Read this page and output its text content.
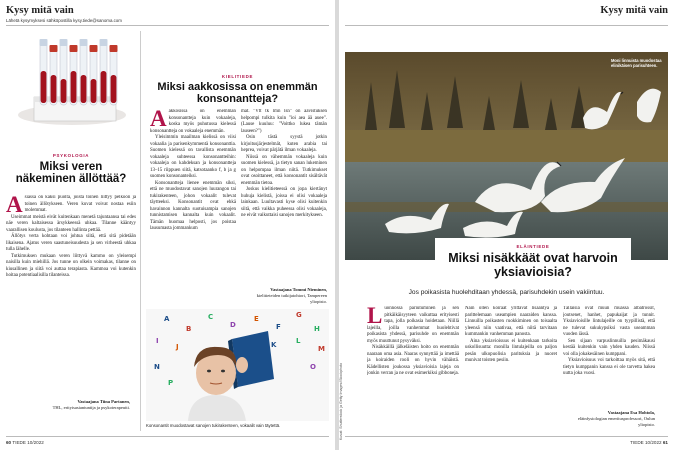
Kysy mitä vain
Lähetä kysymyksesi sähköpostilla kysy.tiede@sanoma.com
PSYKOLOGIA
Miksi veren näkeminen ällöttää?
A siassa on kaksi puolta, joista toinen liittyy pelkoon ja toinen ällötykseen. Veren kuvat voivat nostaa esiin molemmat.

Useimmat meistä eivät kuitenkaan menetä tajuntaansa tai edes näe veren kaltaisessa ärsykkeessä uhkaa. Tilanne kääntyy vaarallisen koulusta, jos tilanteen hallinta pettää.

Ällötys verta kohtaan voi johtua siitä, että sitä pidetään likaisena. Ajatus veren saastuneisuudesta ja sen virheestä uhkaa tulla lähelle.

Tutkimuksen mukaan veren liittyvä kammo on yleisempi naisilla kuin miehillä. Jos tunne on olkein voimakas, tilanne on kiusallinen ja siitä voi auttaa terapiasta. Kammoa voi kutenkin hoitaa potentiaalisilla tilanteissa.

Vastaajana Tiina Partanen,
THL, erityisasiantuntija ja psykoterapeutti.
KIELITIEDE
Miksi aakkosissa on enemmän konsonantteja?
A akkosissa on enemmän konsonantteja kuin vokaaleja, koska myös puhutussa kielessä konsonantteja on vokaaleja enemmän.

Yleisimmin maailman kielissä on viisi vokaalia ja parisenkymmentä konsonanttia. Suomen kielessä on tavallista enemmän vokaaleja suhteessa konsonantteihin: vokaaleja on kahdeksan ja konsonantteja 13–15 riippuen siitä, katsotaanko f, b ja g suomen konsonanteiksi.

Konsonantteja lienee enemmän siksi, että ne muodostavat sanojen luurangon tai tukirakenteen, johon vokaalit tulevat täytteeksi. Konsonantit ovat ehkä havainnon kannalta suotuisampia sanojen tunnistamisen kannalta kuin vokaalit. Tämän huomaa helposti, jos poistaa lausumasta jommankum

mat. "Vtt tk lmn lsn" on aavistuksen helpompi tulkita kuin "ioi aea ää auee". (Lause kuuluu: "Voittko lukea tämän lauseen?")

Osin tästä syystä jotkin kirjoitusjärjestelmät, kuten arabia tai heprea, voivat pärjätä ilman vokaaleja.

Niissä on vähemmän vokaaleja kuin suomen kielessä, ja tietyn sanan lukeminen on helpompaa ilman niitä. Tutkimukset ovat osoittaneet, että konsonantit sisältävät enemmän tietoa.

Joskus kielitieteessä on jopa kiertänyt huhuja kielistä, joissa ei olisi vokaaleja lainkaan. Luultavasti kyse olisi kuitenkin siitä, että vaikka puheessa olisi vokaaleja, ne eivät vaikuttaisi sanojen merkitykseen.

Vastaajana Tommi Nieminen,
kielitieteiden tutkijatohtori, Tampereen yliopisto.
A
B
C
D
E
F
G
H
I
J	K	L
M
N	O
P
Konsonantit muodostavat sanojen tukirakenteen, vokaalit vain täytettä.
60 TIEDE 10/2022
Kysy mitä vain
Moni linnuista muodostaa elinikäisen parisuhteen.
Kuvat: Shutterstock ja Getty Images/iStockphoto
ELÄINTIEDE
Miksi nisäkkäät ovat harvoin yksiavioisia?
Jos poikasista huolehditaan yhdessä, parisuhdekin usein vakiintuu.
L uonnossa pariutuminen ja sen pitkäikäisyyteen vaikuttaa erityisesti tapa, jolla poikasia hoidetaan. Niillä lajeilla, joilla vanhemmat huolehtivat poikasista yhdessä, parisuhde on enemmän myös muuttunut pysyväksi.

Nisäkkäillä jälkeläisten hoito on enemmän naaraan oma asia. Naaras synnyttää ja imettää ja koiraiden rooli on hyvin vähäistä. Kädellisten joukossa yksiavioisia lajeja on jonkin verran ja ne ovat esimerkiksi gibboneja.

Näin ollen koiraat yrittävät lisääntyä ja parittelemaan useampien naaraiden kanssa. Linnuilla poikasten ruokkiminen on toisaalta yleensä niin vaativaa, että niitä tarvitaan kummankin vanhemman panosta.

Aina yksiavioisuus ei kuitenkaan tarkoita uskollisuutta: monilla lintulajeilla on paljon pesän ulkopuolisia parituksia ja nuoret munivat toisten pesiin.

Tällaisia ovat muun muassa albatrossit, joutsenet, hanhet, papukaijat ja tunnit. Yksiavioisille lintulajeille on tyypillistä, että ne tulevat sukukypsiksi vasta useamman vuoden iässä.

Sen sijaan varpuslinnuilla pesimäkausi kestää kuitenkin vain yhden kauden. Niissä voi olla jokakesäinen kumppani.

Yksiavioisuus voi tarkoittaa myös sitä, että tietyn kumppanin kanssa ei ole tarvetta hakea uutta joka vuosi.

Vastaajana Esa Hohtola,
eläinfysiologian emeritusprofessori, Oulun yliopisto.
TIEDE 10/2022 61
